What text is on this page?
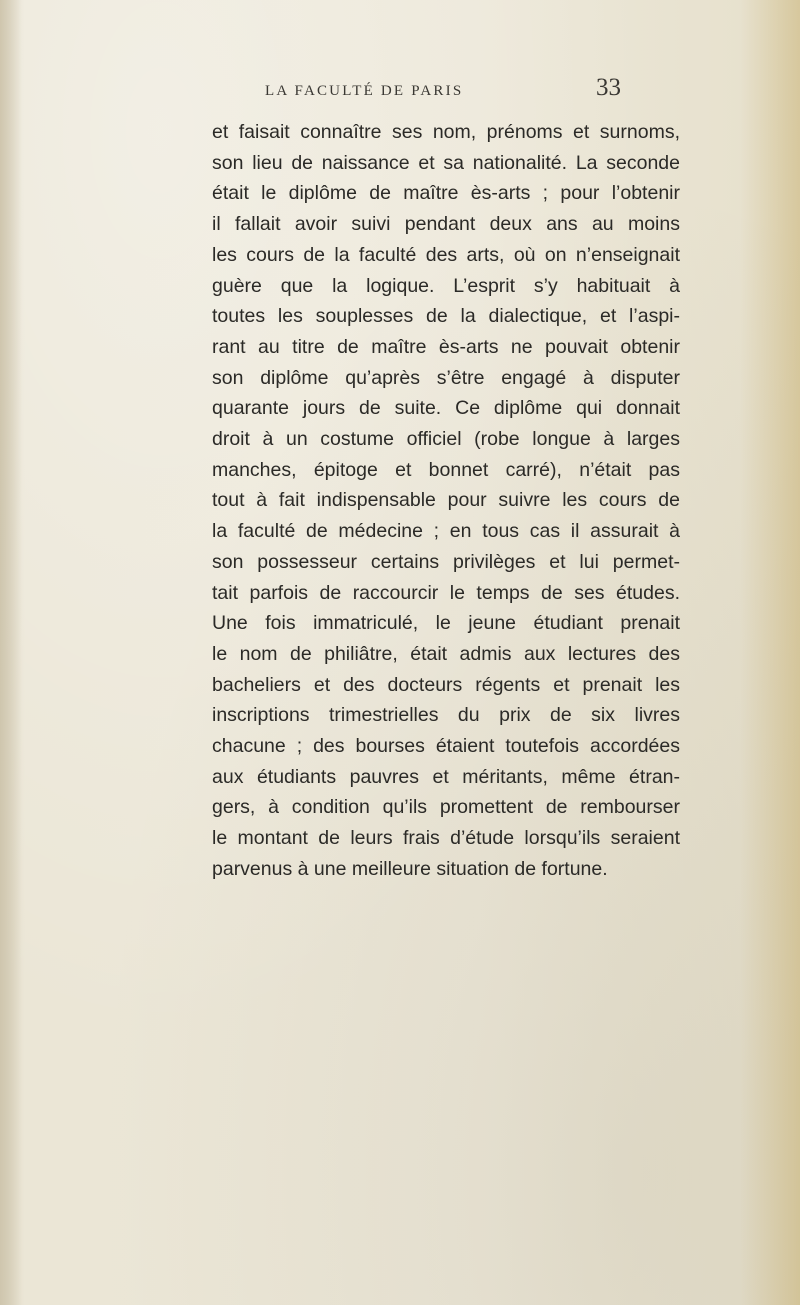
LA FACULTÉ DE PARIS	33
et faisait connaître ses nom, prénoms et surnoms,
son lieu de naissance et sa nationalité. La seconde
était le diplôme de maître ès-arts ; pour l’obtenir
il fallait avoir suivi pendant deux ans au moins
les cours de la faculté des arts, où on n’enseignait
guère que la logique. L’esprit s’y habituait à
toutes les souplesses de la dialectique, et l’aspi-
rant au titre de maître ès-arts ne pouvait obtenir
son diplôme qu’après s’être engagé à disputer
quarante jours de suite. Ce diplôme qui donnait
droit à un costume officiel (robe longue à larges
manches, épitoge et bonnet carré), n’était pas
tout à fait indispensable pour suivre les cours de
la faculté de médecine ; en tous cas il assurait à
son possesseur certains privilèges et lui permet-
tait parfois de raccourcir le temps de ses études.
Une fois immatriculé, le jeune étudiant prenait
le nom de philiâtre, était admis aux lectures des
bacheliers et des docteurs régents et prenait les
inscriptions trimestrielles du prix de six livres
chacune ; des bourses étaient toutefois accordées
aux étudiants pauvres et méritants, même étran-
gers, à condition qu’ils promettent de rembourser
le montant de leurs frais d’étude lorsqu’ils seraient
parvenus à une meilleure situation de fortune.
